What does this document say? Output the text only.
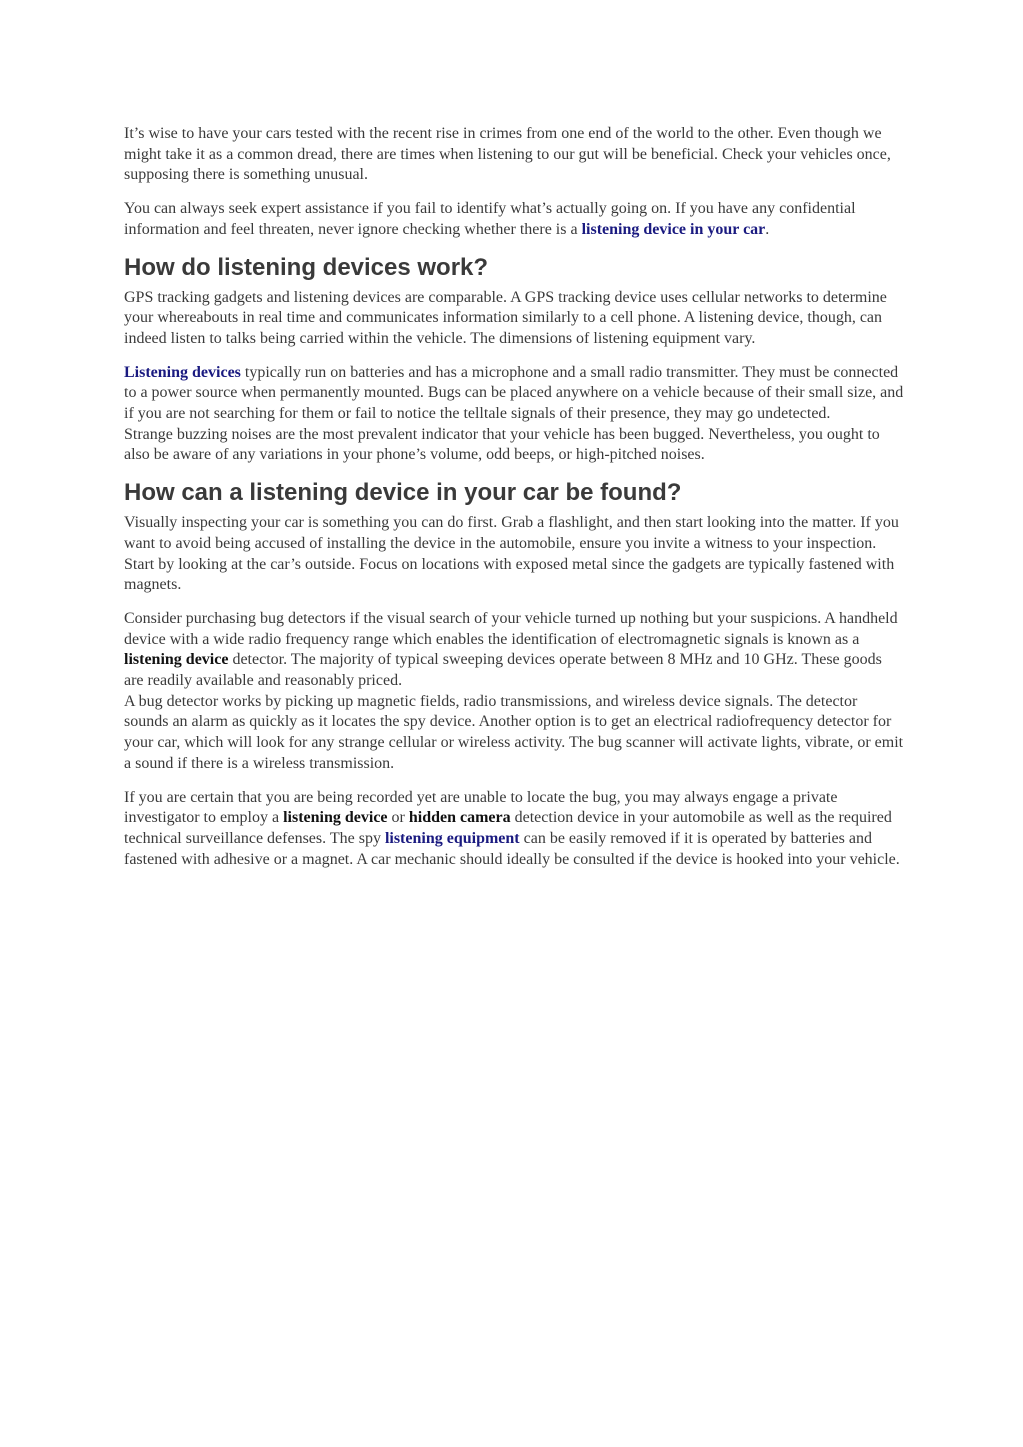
It’s wise to have your cars tested with the recent rise in crimes from one end of the world to the other. Even though we might take it as a common dread, there are times when listening to our gut will be beneficial. Check your vehicles once, supposing there is something unusual.

You can always seek expert assistance if you fail to identify what’s actually going on. If you have any confidential information and feel threaten, never ignore checking whether there is a listening device in your car.

How do listening devices work?

GPS tracking gadgets and listening devices are comparable. A GPS tracking device uses cellular networks to determine your whereabouts in real time and communicates information similarly to a cell phone. A listening device, though, can indeed listen to talks being carried within the vehicle. The dimensions of listening equipment vary.

Listening devices typically run on batteries and has a microphone and a small radio transmitter. They must be connected to a power source when permanently mounted. Bugs can be placed anywhere on a vehicle because of their small size, and if you are not searching for them or fail to notice the telltale signals of their presence, they may go undetected.

Strange buzzing noises are the most prevalent indicator that your vehicle has been bugged. Nevertheless, you ought to also be aware of any variations in your phone’s volume, odd beeps, or high-pitched noises.

How can a listening device in your car be found?

Visually inspecting your car is something you can do first. Grab a flashlight, and then start looking into the matter. If you want to avoid being accused of installing the device in the automobile, ensure you invite a witness to your inspection. Start by looking at the car’s outside. Focus on locations with exposed metal since the gadgets are typically fastened with magnets.

Consider purchasing bug detectors if the visual search of your vehicle turned up nothing but your suspicions. A handheld device with a wide radio frequency range which enables the identification of electromagnetic signals is known as a listening device detector. The majority of typical sweeping devices operate between 8 MHz and 10 GHz. These goods are readily available and reasonably priced.

A bug detector works by picking up magnetic fields, radio transmissions, and wireless device signals. The detector sounds an alarm as quickly as it locates the spy device. Another option is to get an electrical radiofrequency detector for your car, which will look for any strange cellular or wireless activity. The bug scanner will activate lights, vibrate, or emit a sound if there is a wireless transmission.

If you are certain that you are being recorded yet are unable to locate the bug, you may always engage a private investigator to employ a listening device or hidden camera detection device in your automobile as well as the required technical surveillance defenses. The spy listening equipment can be easily removed if it is operated by batteries and fastened with adhesive or a magnet. A car mechanic should ideally be consulted if the device is hooked into your vehicle.
